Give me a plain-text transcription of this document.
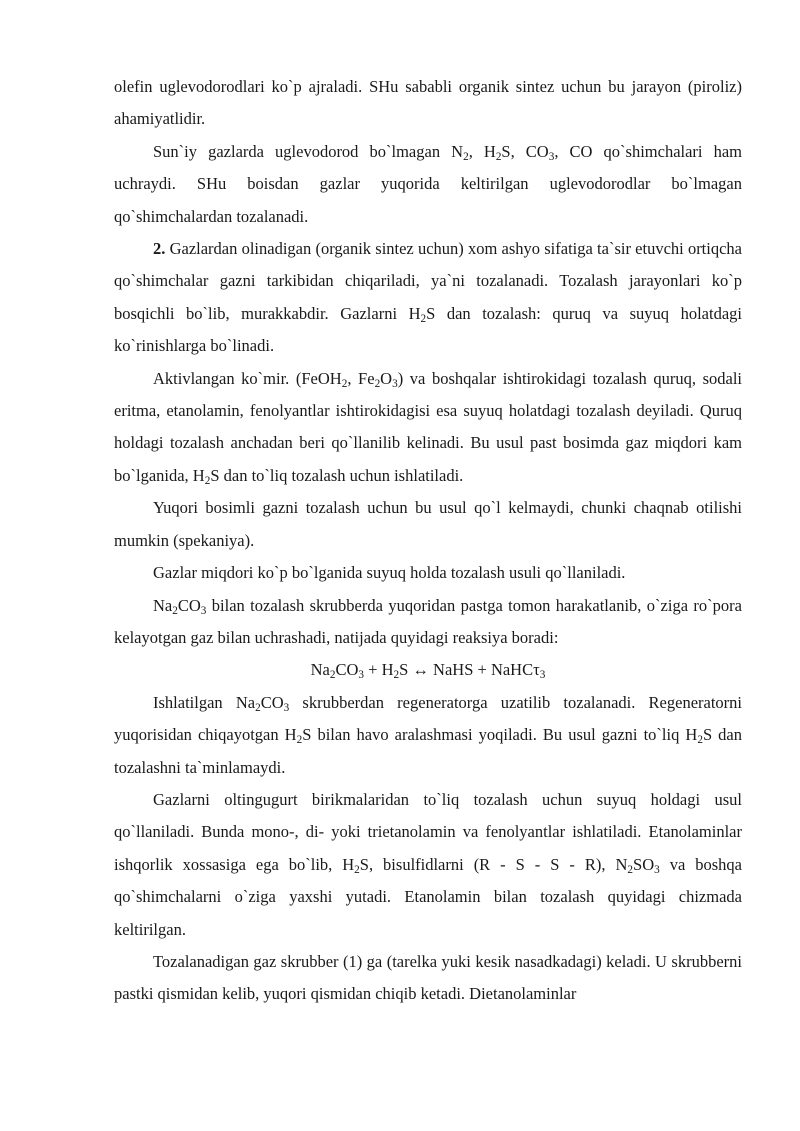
olefin uglevodorodlari ko`p ajraladi. SHu sababli organik sintez uchun bu jarayon (piroliz) ahamiyatlidir.

Sun`iy gazlarda uglevodorod bo`lmagan $N_2$, $H_2S$, $CO_3$, CO qo`shimchalari ham uchraydi. SHu boisdan gazlar yuqorida keltirilgan uglevodorodlar bo`lmagan qo`shimchalardan tozalanadi.

2. Gazlardan olinadigan (organik sintez uchun) xom ashyo sifatiga ta`sir etuvchi ortiqcha qo`shimchalar gazni tarkibidan chiqariladi, ya`ni tozalanadi. Tozalash jarayonlari ko`p bosqichli bo`lib, murakkabdir. Gazlarni $H_2S$ dan tozalash: quruq va suyuq holatdagi ko`rinishlarga bo`linadi.

Aktivlangan ko`mir. (FeOH$_2$, $Fe_2O_3$) va boshqalar ishtirokidagi tozalash quruq, sodali eritma, etanolamin, fenolyantlar ishtirokidagisi esa suyuq holatdagi tozalash deyiladi. Quruq holdagi tozalash anchadan beri qo`llanilib kelinadi. Bu usul past bosimda gaz miqdori kam bo`lganida, $H_2S$ dan to`liq tozalash uchun ishlatiladi.

Yuqori bosimli gazni tozalash uchun bu usul qo`l kelmaydi, chunki chaqnab otilishi mumkin (spekaniya).

Gazlar miqdori ko`p bo`lganida suyuq holda tozalash usuli qo`llaniladi.

$Na_2CO_3$ bilan tozalash skrubberda yuqoridan pastga tomon harakatlanib, o`ziga ro`pora kelayotgan gaz bilan uchrashadi, natijada quyidagi reaksiya boradi:

$Na_2CO_3 + H_2S$ ↔ NaHS + NaHCτ$_3$

Ishlatilgan $Na_2CO_3$ skrubberdan regeneratorga uzatilib tozalanadi. Regeneratorni yuqorisidan chiqayotgan $H_2S$ bilan havo aralashmasi yoqiladi. Bu usul gazni to`liq $H_2S$ dan tozalashni ta`minlamaydi.

Gazlarni oltingugurt birikmalaridan to`liq tozalash uchun suyuq holdagi usul qo`llaniladi. Bunda mono-, di- yoki trietanolamin va fenolyantlar ishlatiladi. Etanolaminlar ishqorlik xossasiga ega bo`lib, $H_2S$, bisulfidlarni (R - S - S - R), $N_2SO_3$ va boshqa qo`shimchalarni o`ziga yaxshi yutadi. Etanolamin bilan tozalash quyidagi chizmada keltirilgan.

Tozalanadigan gaz skrubber (1) ga (tarelka yuki kesik nasadkadagi) keladi. U skrubberni pastki qismidan kelib, yuqori qismidan chiqib ketadi. Dietanolaminlar
